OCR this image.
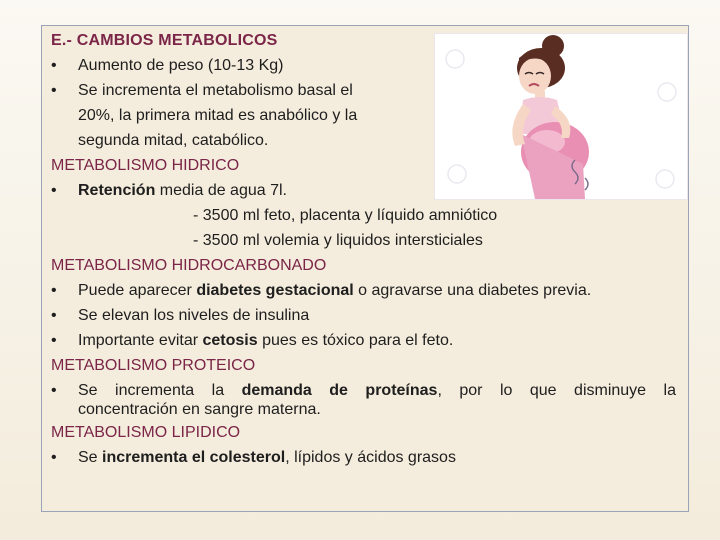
E.- CAMBIOS METABOLICOS
•	Aumento de peso (10-13 Kg)
•	Se incrementa el metabolismo basal el
20%, la primera mitad es anabólico y la
segunda mitad, catabólico.
METABOLISMO HIDRICO
•	Retención media de agua 7l.
- 3500 ml feto, placenta y líquido amniótico
- 3500 ml volemia y liquidos intersticiales
METABOLISMO HIDROCARBONADO
•	Puede aparecer diabetes gestacional o agravarse una diabetes previa.
•	Se elevan los niveles de insulina
•	Importante evitar cetosis pues es tóxico para el feto.
METABOLISMO PROTEICO
•	Se incrementa la demanda de proteínas, por lo que disminuye la
concentración en sangre materna.
METABOLISMO LIPIDICO
•	Se incrementa el colesterol, lípidos y ácidos grasos
